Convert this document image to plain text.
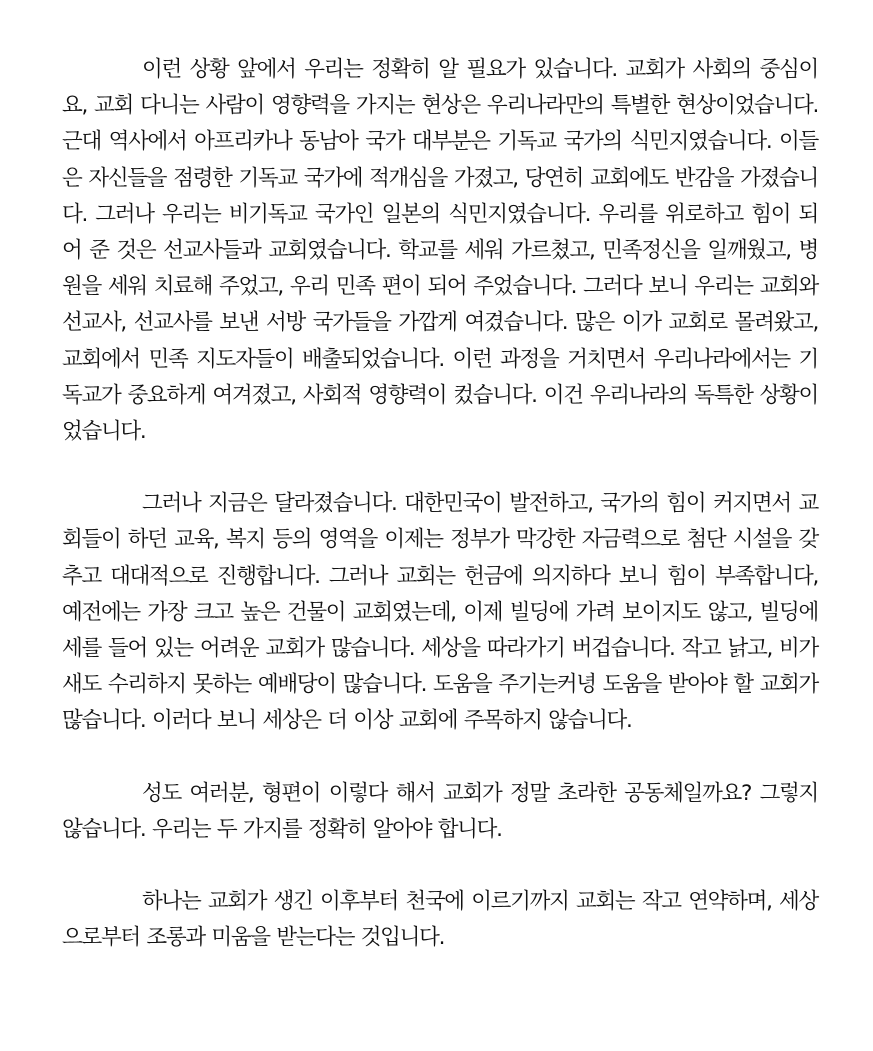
이런 상황 앞에서 우리는 정확히 알 필요가 있습니다. 교회가 사회의 중심이요, 교회 다니는 사람이 영향력을 가지는 현상은 우리나라만의 특별한 현상이었습니다. 근대 역사에서 아프리카나 동남아 국가 대부분은 기독교 국가의 식민지였습니다. 이들은 자신들을 점령한 기독교 국가에 적개심을 가졌고, 당연히 교회에도 반감을 가졌습니다. 그러나 우리는 비기독교 국가인 일본의 식민지였습니다. 우리를 위로하고 힘이 되어 준 것은 선교사들과 교회였습니다. 학교를 세워 가르쳤고, 민족정신을 일깨웠고, 병원을 세워 치료해 주었고, 우리 민족 편이 되어 주었습니다. 그러다 보니 우리는 교회와 선교사, 선교사를 보낸 서방 국가들을 가깝게 여겼습니다. 많은 이가 교회로 몰려왔고, 교회에서 민족 지도자들이 배출되었습니다. 이런 과정을 거치면서 우리나라에서는 기독교가 중요하게 여겨졌고, 사회적 영향력이 컸습니다. 이건 우리나라의 독특한 상황이었습니다.

그러나 지금은 달라졌습니다. 대한민국이 발전하고, 국가의 힘이 커지면서 교회들이 하던 교육, 복지 등의 영역을 이제는 정부가 막강한 자금력으로 첨단 시설을 갖추고 대대적으로 진행합니다. 그러나 교회는 헌금에 의지하다 보니 힘이 부족합니다, 예전에는 가장 크고 높은 건물이 교회였는데, 이제 빌딩에 가려 보이지도 않고, 빌딩에 세를 들어 있는 어려운 교회가 많습니다. 세상을 따라가기 버겁습니다. 작고 낡고, 비가 새도 수리하지 못하는 예배당이 많습니다. 도움을 주기는커녕 도움을 받아야 할 교회가 많습니다. 이러다 보니 세상은 더 이상 교회에 주목하지 않습니다.

성도 여러분, 형편이 이렇다 해서 교회가 정말 초라한 공동체일까요? 그렇지 않습니다. 우리는 두 가지를 정확히 알아야 합니다.

하나는 교회가 생긴 이후부터 천국에 이르기까지 교회는 작고 연약하며, 세상으로부터 조롱과 미움을 받는다는 것입니다.
